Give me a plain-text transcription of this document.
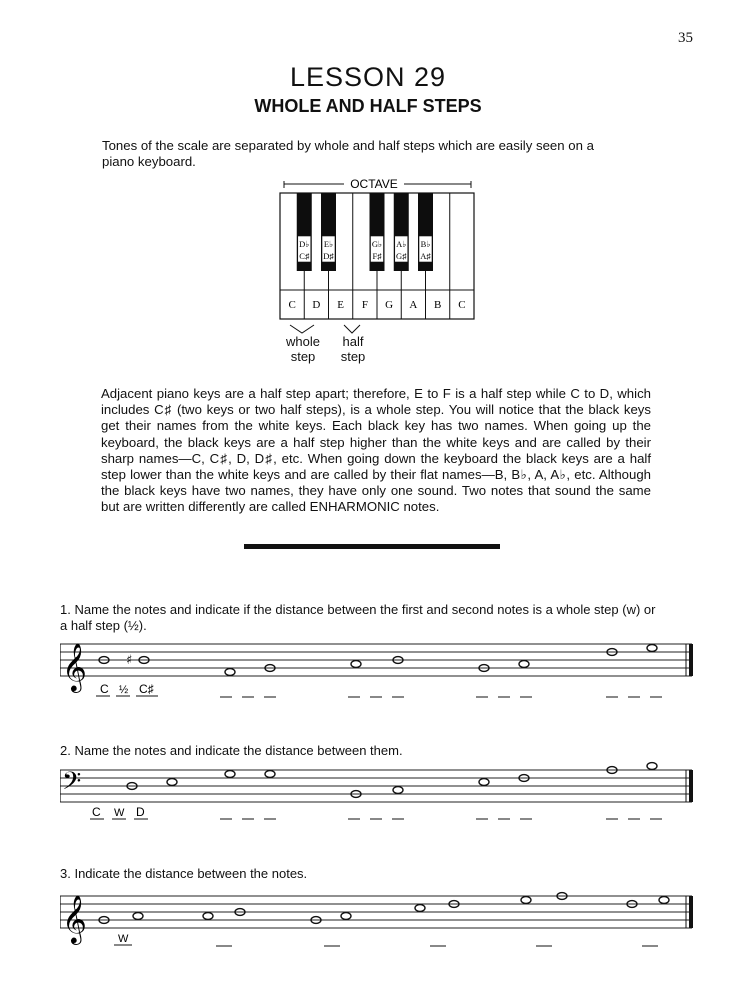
35
LESSON 29
WHOLE AND HALF STEPS
Tones of the scale are separated by whole and half steps which are easily seen on a piano keyboard.
OCTAVE
D♭
C♯
E♭
D♯
G♭
F♯
A♭
G♯
B♭
A♯
C D E F G A B C
whole
step
half
step
Adjacent piano keys are a half step apart; therefore, E to F is a half step while C to D, which includes C♯ (two keys or two half steps), is a whole step. You will notice that the black keys get their names from the white keys. Each black key has two names. When going up the keyboard, the black keys are a half step higher than the white keys and are called by their sharp names—C, C♯, D, D♯, etc. When going down the keyboard the black keys are a half step lower than the white keys and are called by their flat names—B, B♭, A, A♭, etc. Although the black keys have two names, they have only one sound. Two notes that sound the same but are written differently are called ENHARMONIC notes.
1. Name the notes and indicate if the distance between the first and second notes is a whole step (w) or a half step (½).
𝄞	♯
C ½ C♯
2. Name the notes and indicate the distance between them.
𝄢
C W D
3. Indicate the distance between the notes.
𝄞	W
